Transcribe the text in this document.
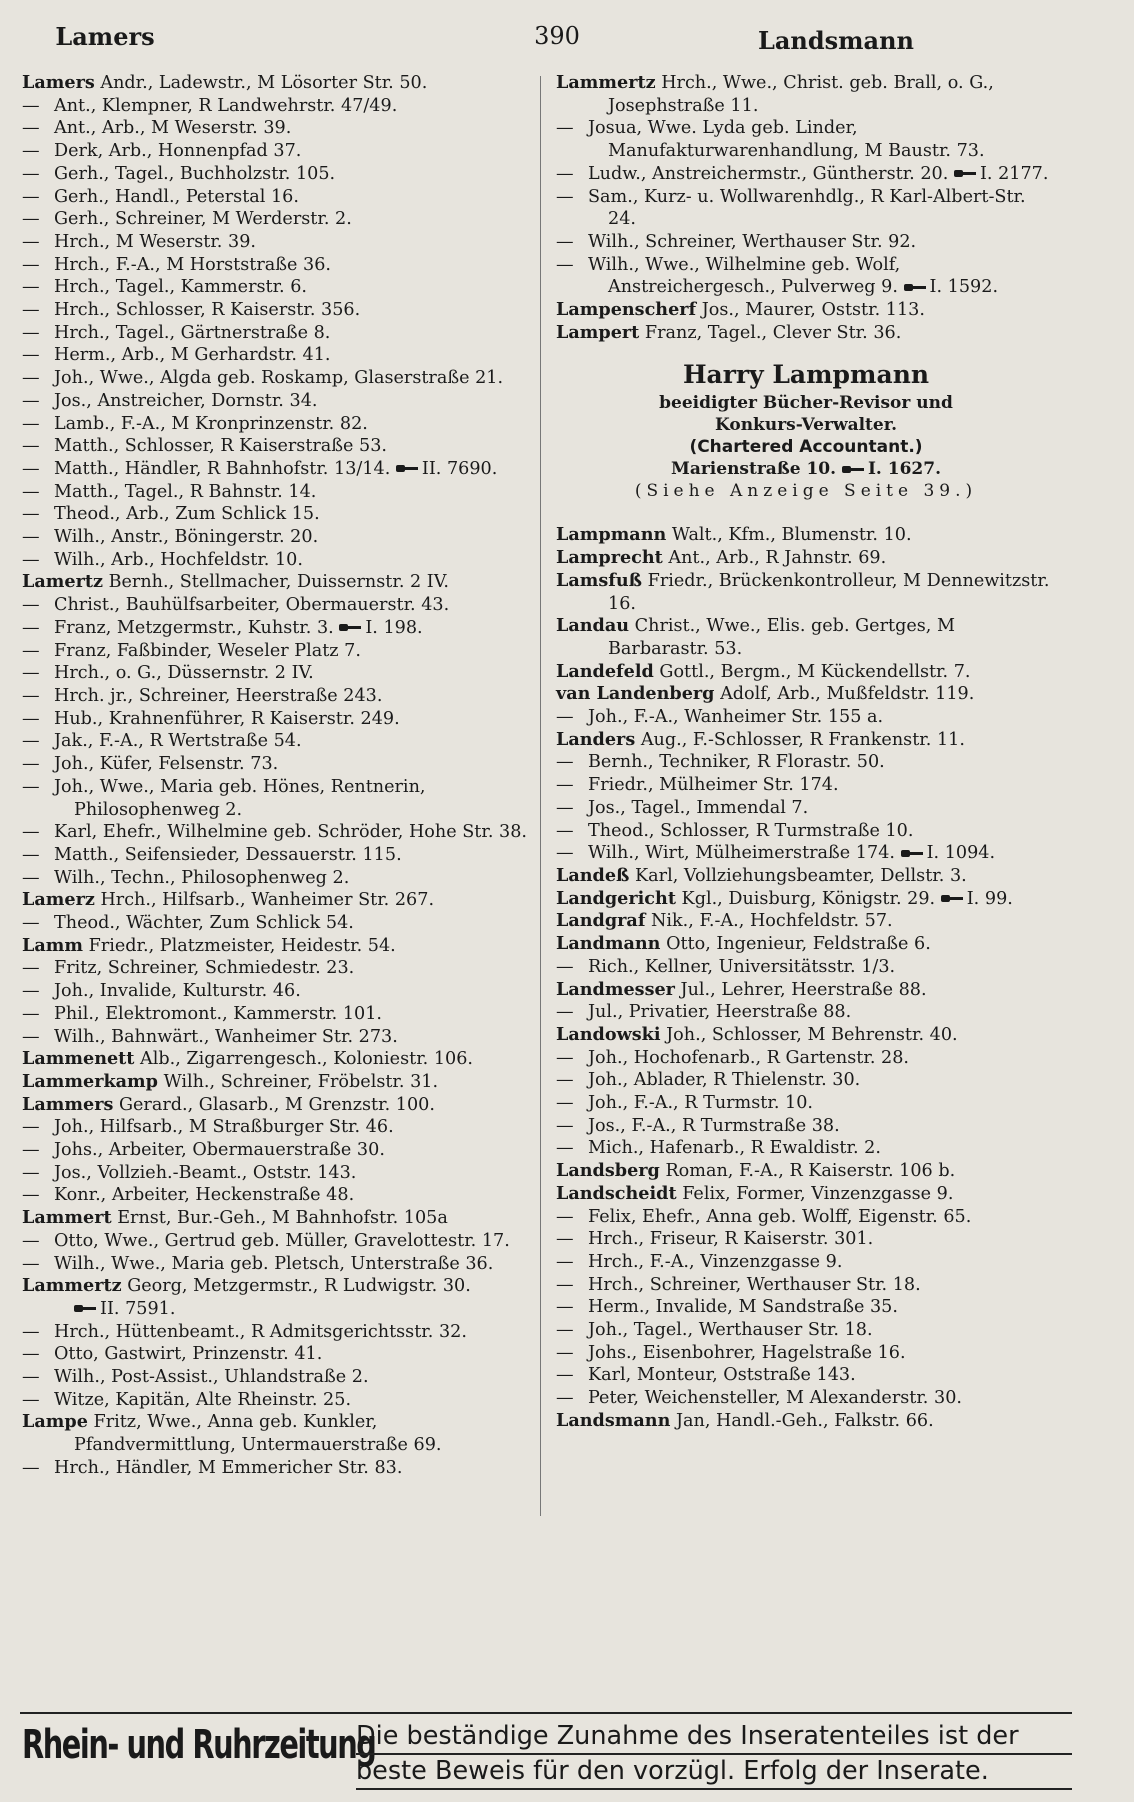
Lamers	390	Landsmann
Lamers Andr., Ladewstr., M Lösorter Str. 50.
— Ant., Klempner, R Landwehrstr. 47/49.
— Ant., Arb., M Weserstr. 39.
— Derk, Arb., Honnenpfad 37.
— Gerh., Tagel., Buchholzstr. 105.
— Gerh., Handl., Peterstal 16.
— Gerh., Schreiner, M Werderstr. 2.
— Hrch., M Weserstr. 39.
— Hrch., F.-A., M Horststraße 36.
— Hrch., Tagel., Kammerstr. 6.
— Hrch., Schlosser, R Kaiserstr. 356.
— Hrch., Tagel., Gärtnerstraße 8.
— Herm., Arb., M Gerhardstr. 41.
— Joh., Wwe., Algda geb. Roskamp, Glaserstraße 21.
— Jos., Anstreicher, Dornstr. 34.
— Lamb., F.-A., M Kronprinzenstr. 82.
— Matth., Schlosser, R Kaiserstraße 53.
— Matth., Händler, R Bahnhofstr. 13/14. II. 7690.
— Matth., Tagel., R Bahnstr. 14.
— Theod., Arb., Zum Schlick 15.
— Wilh., Anstr., Böningerstr. 20.
— Wilh., Arb., Hochfeldstr. 10.
Lamertz Bernh., Stellmacher, Duissernstr. 2 IV.
— Christ., Bauhülfsarbeiter, Obermauerstr. 43.
— Franz, Metzgermstr., Kuhstr. 3. I. 198.
— Franz, Faßbinder, Weseler Platz 7.
— Hrch., o. G., Düssernstr. 2 IV.
— Hrch. jr., Schreiner, Heerstraße 243.
— Hub., Krahnenführer, R Kaiserstr. 249.
— Jak., F.-A., R Wertstraße 54.
— Joh., Küfer, Felsenstr. 73.
— Joh., Wwe., Maria geb. Hönes, Rentnerin, Philosophenweg 2.
— Karl, Ehefr., Wilhelmine geb. Schröder, Hohe Str. 38.
— Matth., Seifensieder, Dessauerstr. 115.
— Wilh., Techn., Philosophenweg 2.
Lamerz Hrch., Hilfsarb., Wanheimer Str. 267.
— Theod., Wächter, Zum Schlick 54.
Lamm Friedr., Platzmeister, Heidestr. 54.
— Fritz, Schreiner, Schmiedestr. 23.
— Joh., Invalide, Kulturstr. 46.
— Phil., Elektromont., Kammerstr. 101.
— Wilh., Bahnwärt., Wanheimer Str. 273.
Lammenett Alb., Zigarrengesch., Koloniestr. 106.
Lammerkamp Wilh., Schreiner, Fröbelstr. 31.
Lammers Gerard., Glasarb., M Grenzstr. 100.
— Joh., Hilfsarb., M Straßburger Str. 46.
— Johs., Arbeiter, Obermauerstraße 30.
— Jos., Vollzieh.-Beamt., Oststr. 143.
— Konr., Arbeiter, Heckenstraße 48.
Lammert Ernst, Bur.-Geh., M Bahnhofstr. 105a
— Otto, Wwe., Gertrud geb. Müller, Gravelottestr. 17.
— Wilh., Wwe., Maria geb. Pletsch, Unterstraße 36.
Lammertz Georg, Metzgermstr., R Ludwigstr. 30. II. 7591.
— Hrch., Hüttenbeamt., R Admitsgerichtsstr. 32.
— Otto, Gastwirt, Prinzenstr. 41.
— Wilh., Post-Assist., Uhlandstraße 2.
— Witze, Kapitän, Alte Rheinstr. 25.
Lampe Fritz, Wwe., Anna geb. Kunkler, Pfandvermittlung, Untermauerstraße 69.
— Hrch., Händler, M Emmericher Str. 83.
Lammertz Hrch., Wwe., Christ. geb. Brall, o. G., Josephstraße 11.
— Josua, Wwe. Lyda geb. Linder, Manufakturwarenhandlung, M Baustr. 73.
— Ludw., Anstreichermstr., Güntherstr. 20. I. 2177.
— Sam., Kurz- u. Wollwarenhdlg., R Karl-Albert-Str. 24.
— Wilh., Schreiner, Werthauser Str. 92.
— Wilh., Wwe., Wilhelmine geb. Wolf, Anstreichergesch., Pulverweg 9. I. 1592.
Lampenscherf Jos., Maurer, Oststr. 113.
Lampert Franz, Tagel., Clever Str. 36.
Harry Lampmann
beeidigter Bücher-Revisor und
Konkurs-Verwalter.
(Chartered Accountant.)
Marienstraße 10. I. 1627.
(Siehe Anzeige Seite 39.)
Lampmann Walt., Kfm., Blumenstr. 10.
Lamprecht Ant., Arb., R Jahnstr. 69.
Lamsfuß Friedr., Brückenkontrolleur, M Dennewitzstr. 16.
Landau Christ., Wwe., Elis. geb. Gertges, M Barbarastr. 53.
Landefeld Gottl., Bergm., M Kückendellstr. 7.
van Landenberg Adolf, Arb., Mußfeldstr. 119.
— Joh., F.-A., Wanheimer Str. 155 a.
Landers Aug., F.-Schlosser, R Frankenstr. 11.
— Bernh., Techniker, R Florastr. 50.
— Friedr., Mülheimer Str. 174.
— Jos., Tagel., Immendal 7.
— Theod., Schlosser, R Turmstraße 10.
— Wilh., Wirt, Mülheimerstraße 174. I. 1094.
Landeß Karl, Vollziehungsbeamter, Dellstr. 3.
Landgericht Kgl., Duisburg, Königstr. 29. I. 99.
Landgraf Nik., F.-A., Hochfeldstr. 57.
Landmann Otto, Ingenieur, Feldstraße 6.
— Rich., Kellner, Universitätsstr. 1/3.
Landmesser Jul., Lehrer, Heerstraße 88.
— Jul., Privatier, Heerstraße 88.
Landowski Joh., Schlosser, M Behrenstr. 40.
— Joh., Hochofenarb., R Gartenstr. 28.
— Joh., Ablader, R Thielenstr. 30.
— Joh., F.-A., R Turmstr. 10.
— Jos., F.-A., R Turmstraße 38.
— Mich., Hafenarb., R Ewaldistr. 2.
Landsberg Roman, F.-A., R Kaiserstr. 106 b.
Landscheidt Felix, Former, Vinzenzgasse 9.
— Felix, Ehefr., Anna geb. Wolff, Eigenstr. 65.
— Hrch., Friseur, R Kaiserstr. 301.
— Hrch., F.-A., Vinzenzgasse 9.
— Hrch., Schreiner, Werthauser Str. 18.
— Herm., Invalide, M Sandstraße 35.
— Joh., Tagel., Werthauser Str. 18.
— Johs., Eisenbohrer, Hagelstraße 16.
— Karl, Monteur, Oststraße 143.
— Peter, Weichensteller, M Alexanderstr. 30.
Landsmann Jan, Handl.-Geh., Falkstr. 66.
Rhein- und Ruhrzeitung
Die beständige Zunahme des Inseratenteiles ist der
beste Beweis für den vorzügl. Erfolg der Inserate.
